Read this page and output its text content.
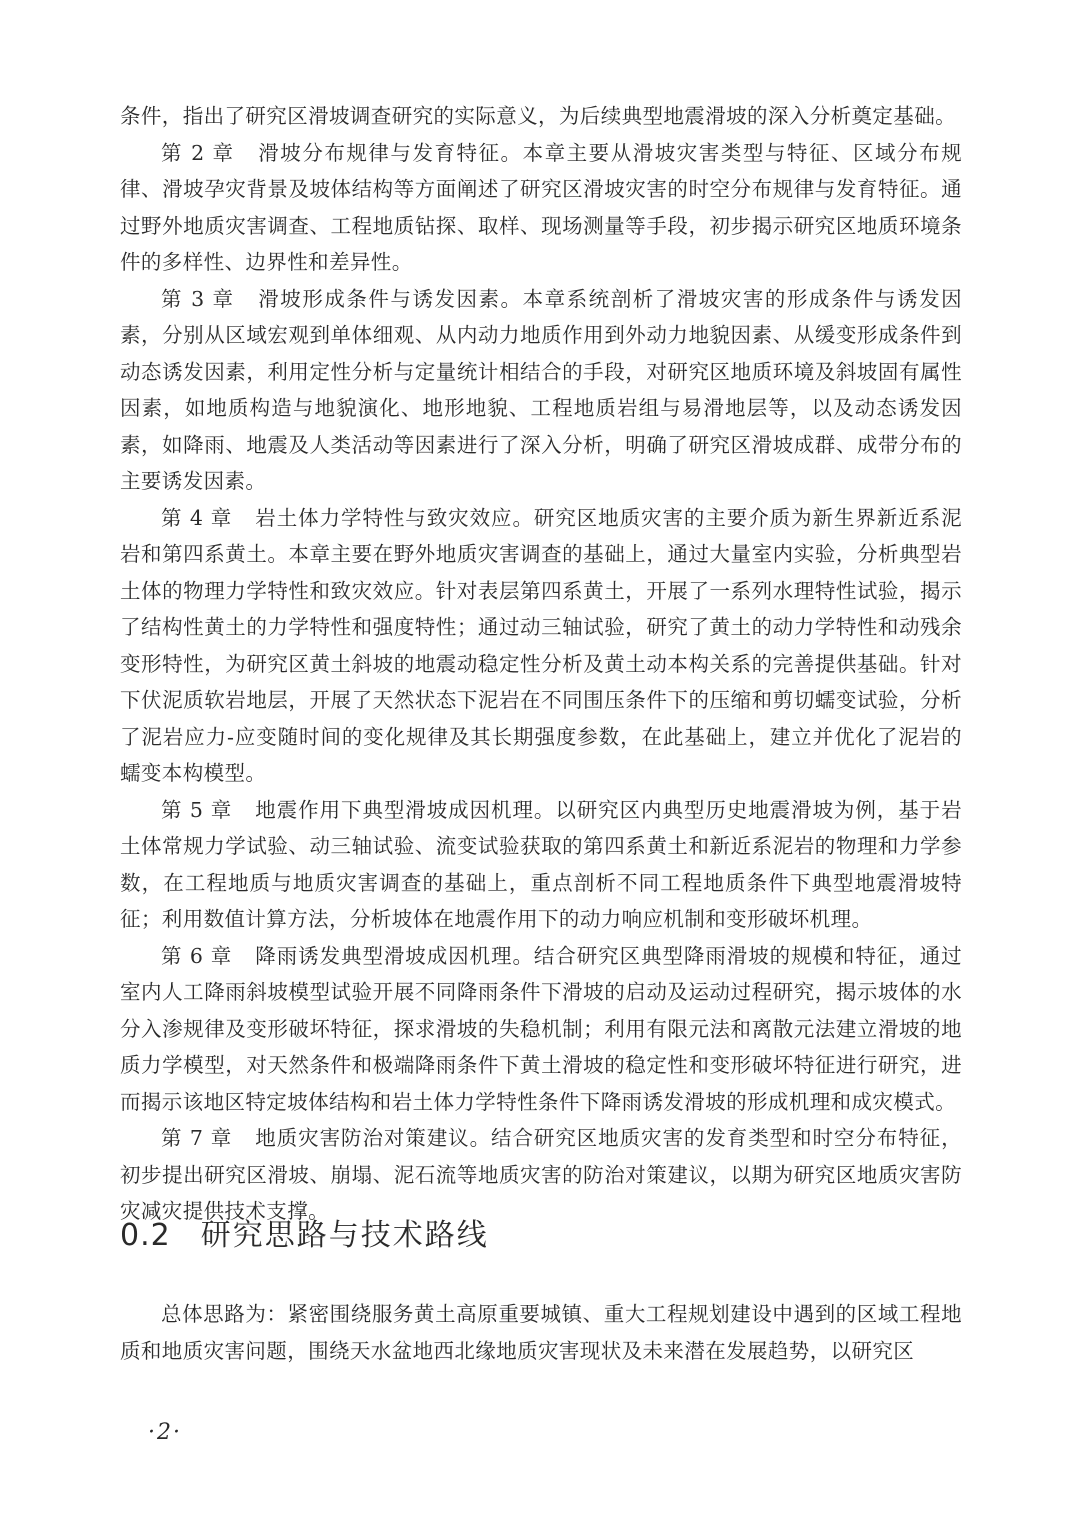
条件，指出了研究区滑坡调查研究的实际意义，为后续典型地震滑坡的深入分析奠定基础。

第 2 章 滑坡分布规律与发育特征。本章主要从滑坡灾害类型与特征、区域分布规律、滑坡孕灾背景及坡体结构等方面阐述了研究区滑坡灾害的时空分布规律与发育特征。通过野外地质灾害调查、工程地质钻探、取样、现场测量等手段，初步揭示研究区地质环境条件的多样性、边界性和差异性。

第 3 章 滑坡形成条件与诱发因素。本章系统剖析了滑坡灾害的形成条件与诱发因素，分别从区域宏观到单体细观、从内动力地质作用到外动力地貌因素、从缓变形成条件到动态诱发因素，利用定性分析与定量统计相结合的手段，对研究区地质环境及斜坡固有属性因素，如地质构造与地貌演化、地形地貌、工程地质岩组与易滑地层等，以及动态诱发因素，如降雨、地震及人类活动等因素进行了深入分析，明确了研究区滑坡成群、成带分布的主要诱发因素。

第 4 章 岩土体力学特性与致灾效应。研究区地质灾害的主要介质为新生界新近系泥岩和第四系黄土。本章主要在野外地质灾害调查的基础上，通过大量室内实验，分析典型岩土体的物理力学特性和致灾效应。针对表层第四系黄土，开展了一系列水理特性试验，揭示了结构性黄土的力学特性和强度特性；通过动三轴试验，研究了黄土的动力学特性和动残余变形特性，为研究区黄土斜坡的地震动稳定性分析及黄土动本构关系的完善提供基础。针对下伏泥质软岩地层，开展了天然状态下泥岩在不同围压条件下的压缩和剪切蠕变试验，分析了泥岩应力-应变随时间的变化规律及其长期强度参数，在此基础上，建立并优化了泥岩的蠕变本构模型。

第 5 章 地震作用下典型滑坡成因机理。以研究区内典型历史地震滑坡为例，基于岩土体常规力学试验、动三轴试验、流变试验获取的第四系黄土和新近系泥岩的物理和力学参数，在工程地质与地质灾害调查的基础上，重点剖析不同工程地质条件下典型地震滑坡特征；利用数值计算方法，分析坡体在地震作用下的动力响应机制和变形破坏机理。

第 6 章 降雨诱发典型滑坡成因机理。结合研究区典型降雨滑坡的规模和特征，通过室内人工降雨斜坡模型试验开展不同降雨条件下滑坡的启动及运动过程研究，揭示坡体的水分入渗规律及变形破坏特征，探求滑坡的失稳机制；利用有限元法和离散元法建立滑坡的地质力学模型，对天然条件和极端降雨条件下黄土滑坡的稳定性和变形破坏特征进行研究，进而揭示该地区特定坡体结构和岩土体力学特性条件下降雨诱发滑坡的形成机理和成灾模式。

第 7 章 地质灾害防治对策建议。结合研究区地质灾害的发育类型和时空分布特征，初步提出研究区滑坡、崩塌、泥石流等地质灾害的防治对策建议，以期为研究区地质灾害防灾减灾提供技术支撑。

0.2 研究思路与技术路线

总体思路为：紧密围绕服务黄土高原重要城镇、重大工程规划建设中遇到的区域工程地质和地质灾害问题，围绕天水盆地西北缘地质灾害现状及未来潜在发展趋势，以研究区

·2·
